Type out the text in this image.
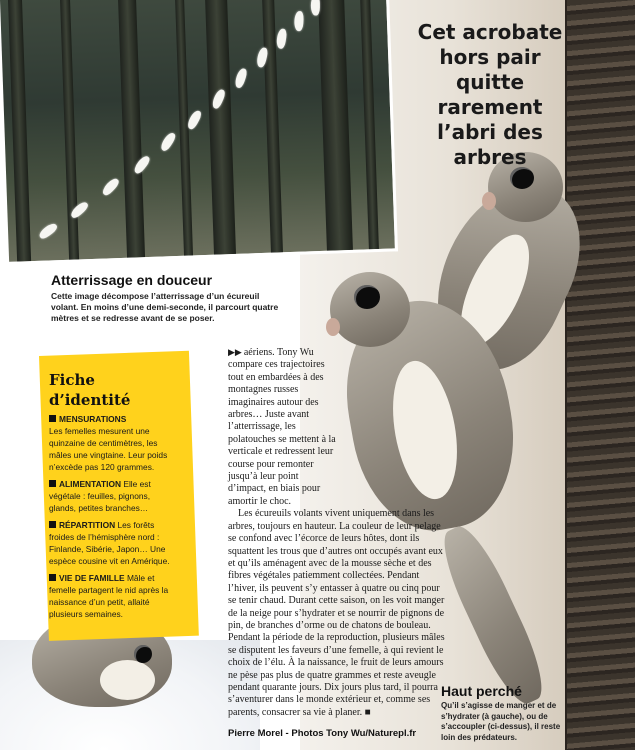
Cet acrobate hors pair quitte rarement l’abri des arbres
Atterrissage en douceur
Cette image décompose l’atterrissage d’un écureuil volant. En moins d’une demi-seconde, il parcourt quatre mètres et se redresse avant de se poser.
Fiche d’identité
MENSURATIONS
Les femelles mesurent une quinzaine de centimètres, les mâles une vingtaine. Leur poids n’excède pas 120 grammes.
ALIMENTATION Elle est végétale : feuilles, pignons, glands, petites branches…
RÉPARTITION Les forêts froides de l’hémisphère nord : Finlande, Sibérie, Japon… Une espèce cousine vit en Amérique.
VIE DE FAMILLE Mâle et femelle partagent le nid après la naissance d’un petit, allaité plusieurs semaines.

▶▶ aériens. Tony Wu compare ces trajectoires tout en embardées à des montagnes russes imaginaires autour des arbres… Juste avant l’atterrissage, les polatouches se mettent à la verticale et redressent leur course pour remonter jusqu’à leur point d’impact, en biais pour amortir le choc.

Les écureuils volants vivent uniquement dans les arbres, toujours en hauteur. La couleur de leur pelage se confond avec l’écorce de leurs hôtes, dont ils squattent les trous que d’autres ont occupés avant eux et qu’ils aménagent avec de la mousse sèche et des fibres végétales patiemment collectées. Pendant l’hiver, ils peuvent s’y entasser à quatre ou cinq pour se tenir chaud. Durant cette saison, on les voit manger de la neige pour s’hydrater et se nourrir de pignons de pin, de branches d’orme ou de chatons de bouleau. Pendant la période de la reproduction, plusieurs mâles se disputent les faveurs d’une femelle, à qui revient le choix de l’élu. À la naissance, le fruit de leurs amours ne pèse pas plus de quatre grammes et reste aveugle pendant quarante jours. Dix jours plus tard, il pourra s’aventurer dans le monde extérieur et, comme ses parents, consacrer sa vie à planer. ■

Pierre Morel - Photos Tony Wu/Naturepl.fr
Haut perché
Qu’il s’agisse de manger et de s’hydrater (à gauche), ou de s’accoupler (ci-dessus), il reste loin des prédateurs.
